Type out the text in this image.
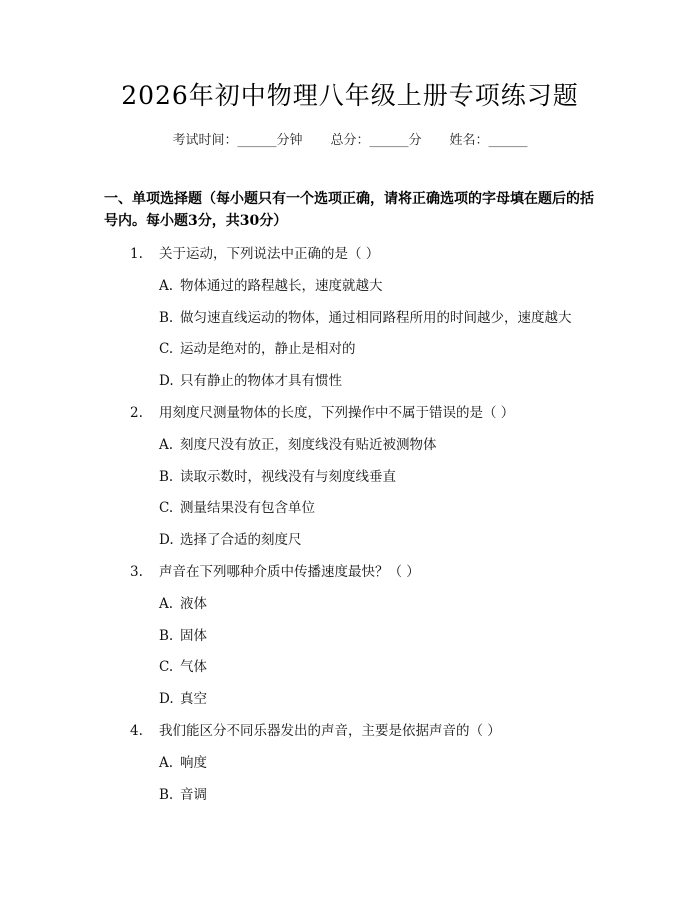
2026年初中物理八年级上册专项练习题
考试时间：______分钟 总分：______分 姓名：______
一、单项选择题（每小题只有一个选项正确，请将正确选项的字母填在题后的括号内。每小题3分，共30分）
1. 关于运动，下列说法中正确的是（ ）
A. 物体通过的路程越长，速度就越大
B. 做匀速直线运动的物体，通过相同路程所用的时间越少，速度越大
C. 运动是绝对的，静止是相对的
D. 只有静止的物体才具有惯性
2. 用刻度尺测量物体的长度，下列操作中不属于错误的是（ ）
A. 刻度尺没有放正，刻度线没有贴近被测物体
B. 读取示数时，视线没有与刻度线垂直
C. 测量结果没有包含单位
D. 选择了合适的刻度尺
3. 声音在下列哪种介质中传播速度最快？（ ）
A. 液体
B. 固体
C. 气体
D. 真空
4. 我们能区分不同乐器发出的声音，主要是依据声音的（ ）
A. 响度
B. 音调
